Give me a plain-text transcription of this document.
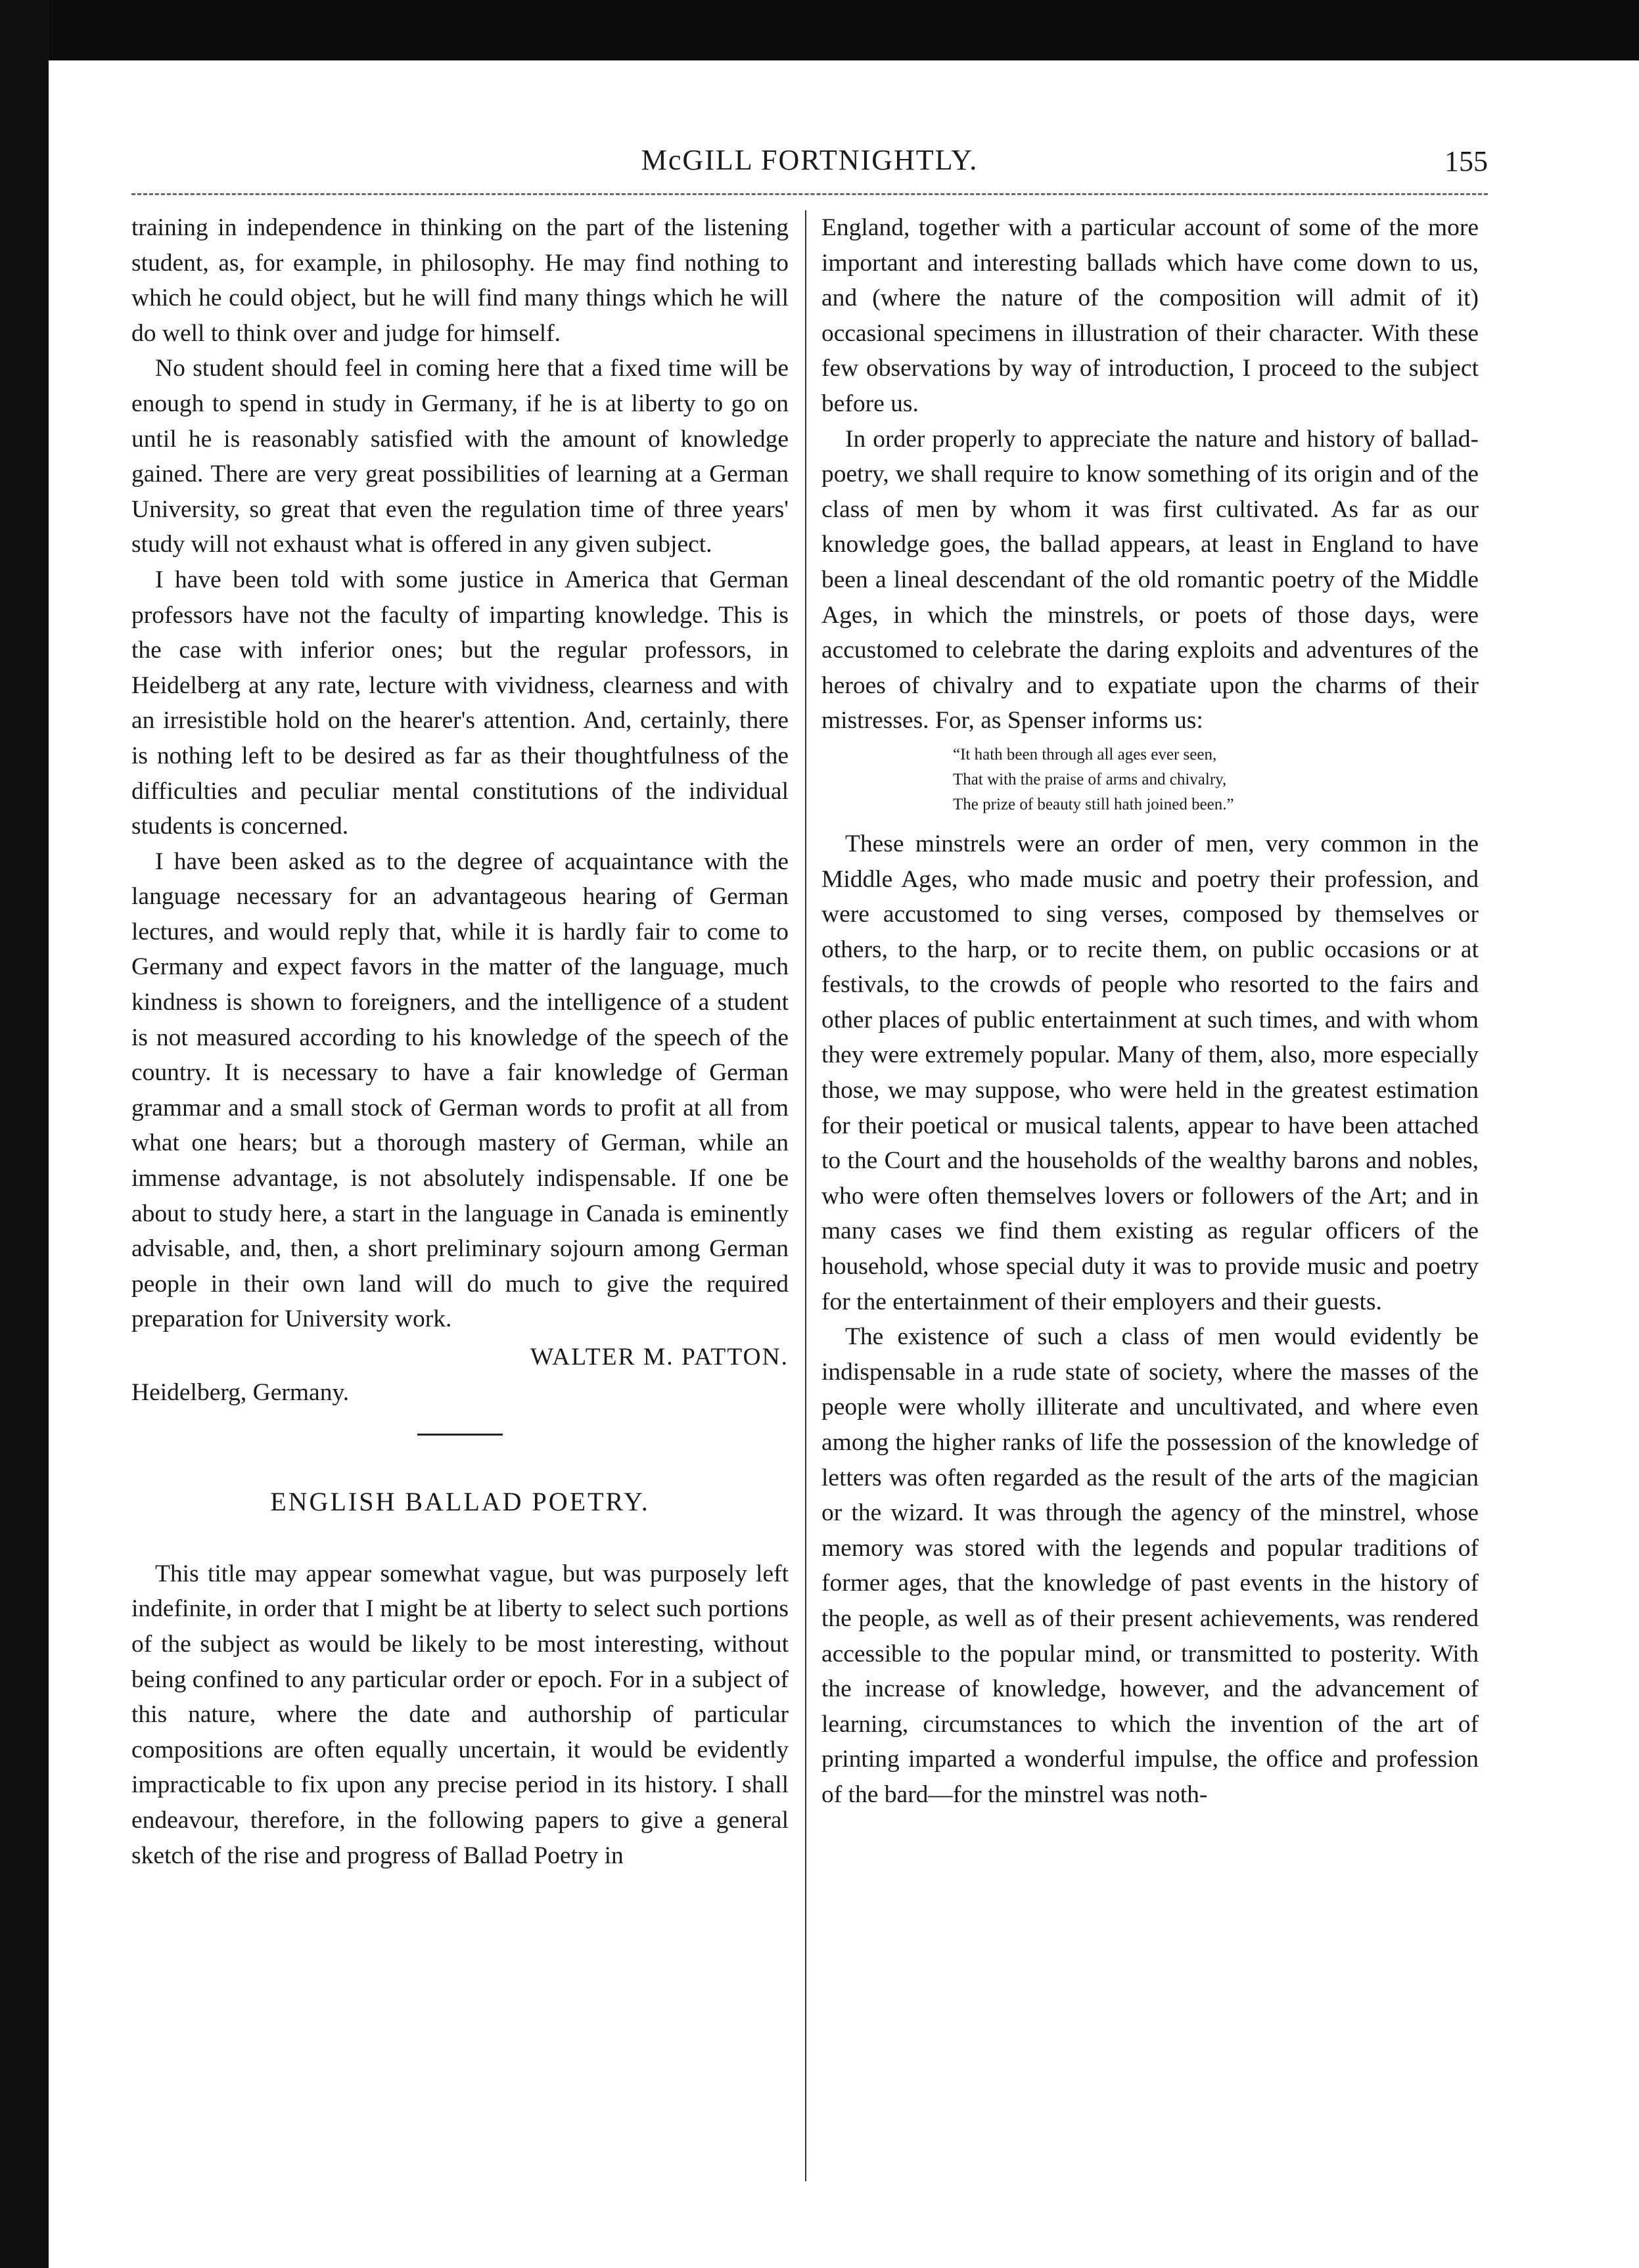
McGILL FORTNIGHTLY.	155

training in independence in thinking on the part of the listening student, as, for example, in philosophy. He may find nothing to which he could object, but he will find many things which he will do well to think over and judge for himself.

No student should feel in coming here that a fixed time will be enough to spend in study in Germany, if he is at liberty to go on until he is reasonably satisfied with the amount of knowledge gained. There are very great possibilities of learning at a German University, so great that even the regulation time of three years' study will not exhaust what is offered in any given subject.

I have been told with some justice in America that German professors have not the faculty of imparting knowledge. This is the case with inferior ones; but the regular professors, in Heidelberg at any rate, lecture with vividness, clearness and with an irresistible hold on the hearer's attention. And, certainly, there is nothing left to be desired as far as their thoughtfulness of the difficulties and peculiar mental constitutions of the individual students is concerned.

I have been asked as to the degree of acquaintance with the language necessary for an advantageous hearing of German lectures, and would reply that, while it is hardly fair to come to Germany and expect favors in the matter of the language, much kindness is shown to foreigners, and the intelligence of a student is not measured according to his knowledge of the speech of the country. It is necessary to have a fair knowledge of German grammar and a small stock of German words to profit at all from what one hears; but a thorough mastery of German, while an immense advantage, is not absolutely indispensable. If one be about to study here, a start in the language in Canada is eminently advisable, and, then, a short preliminary sojourn among German people in their own land will do much to give the required preparation for University work.

WALTER M. PATTON.

Heidelberg, Germany.

ENGLISH BALLAD POETRY.

This title may appear somewhat vague, but was purposely left indefinite, in order that I might be at liberty to select such portions of the subject as would be likely to be most interesting, without being confined to any particular order or epoch. For in a subject of this nature, where the date and authorship of particular compositions are often equally uncertain, it would be evidently impracticable to fix upon any precise period in its history. I shall endeavour, therefore, in the following papers to give a general sketch of the rise and progress of Ballad Poetry in

England, together with a particular account of some of the more important and interesting ballads which have come down to us, and (where the nature of the composition will admit of it) occasional specimens in illustration of their character. With these few observations by way of introduction, I proceed to the subject before us.

In order properly to appreciate the nature and history of ballad-poetry, we shall require to know something of its origin and of the class of men by whom it was first cultivated. As far as our knowledge goes, the ballad appears, at least in England to have been a lineal descendant of the old romantic poetry of the Middle Ages, in which the minstrels, or poets of those days, were accustomed to celebrate the daring exploits and adventures of the heroes of chivalry and to expatiate upon the charms of their mistresses. For, as Spenser informs us:

“It hath been through all ages ever seen,
That with the praise of arms and chivalry,
The prize of beauty still hath joined been.”

These minstrels were an order of men, very common in the Middle Ages, who made music and poetry their profession, and were accustomed to sing verses, composed by themselves or others, to the harp, or to recite them, on public occasions or at festivals, to the crowds of people who resorted to the fairs and other places of public entertainment at such times, and with whom they were extremely popular. Many of them, also, more especially those, we may suppose, who were held in the greatest estimation for their poetical or musical talents, appear to have been attached to the Court and the households of the wealthy barons and nobles, who were often themselves lovers or followers of the Art; and in many cases we find them existing as regular officers of the household, whose special duty it was to provide music and poetry for the entertainment of their employers and their guests.

The existence of such a class of men would evidently be indispensable in a rude state of society, where the masses of the people were wholly illiterate and uncultivated, and where even among the higher ranks of life the possession of the knowledge of letters was often regarded as the result of the arts of the magician or the wizard. It was through the agency of the minstrel, whose memory was stored with the legends and popular traditions of former ages, that the knowledge of past events in the history of the people, as well as of their present achievements, was rendered accessible to the popular mind, or transmitted to posterity. With the increase of knowledge, however, and the advancement of learning, circumstances to which the invention of the art of printing imparted a wonderful impulse, the office and profession of the bard—for the minstrel was noth-
